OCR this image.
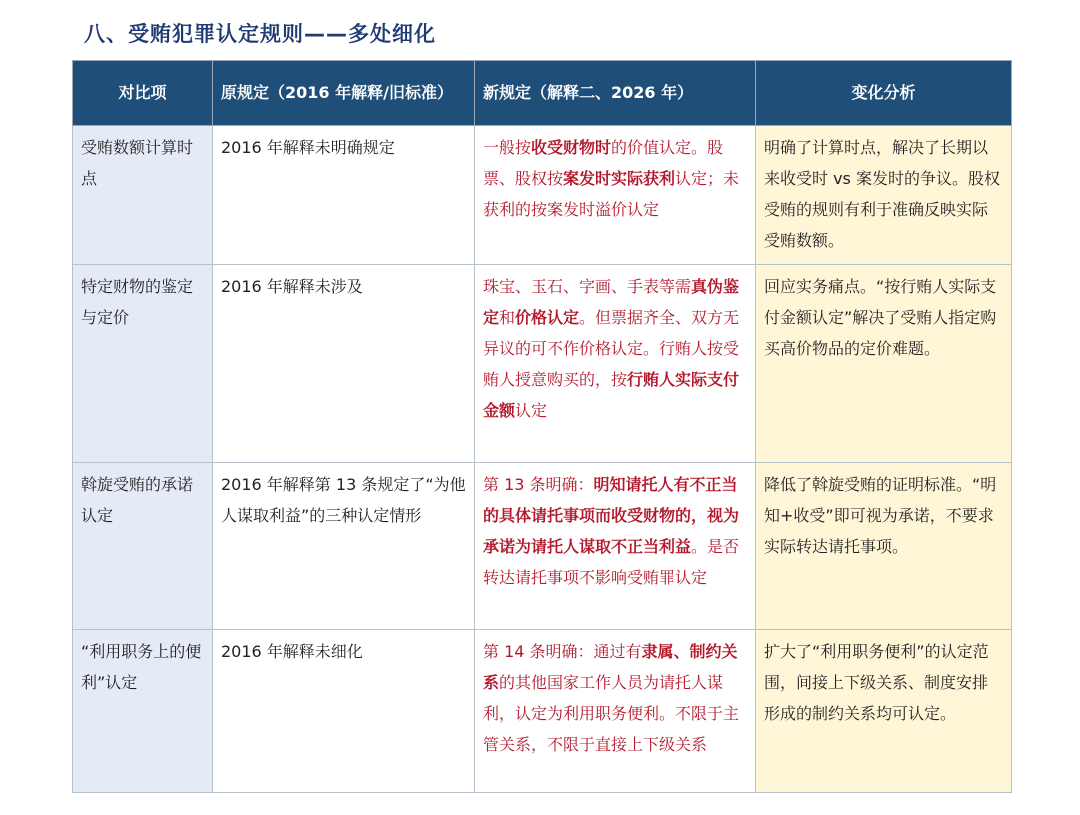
八、受贿犯罪认定规则——多处细化
对比项	原规定（2016 年解释/旧标准）	新规定（解释二、2026 年）	变化分析
受贿数额计算时点	2016 年解释未明确规定	一般按收受财物时的价值认定。股票、股权按案发时实际获利认定；未获利的按案发时溢价认定	明确了计算时点，解决了长期以来收受时 vs 案发时的争议。股权受贿的规则有利于准确反映实际受贿数额。
特定财物的鉴定与定价	2016 年解释未涉及	珠宝、玉石、字画、手表等需真伪鉴定和价格认定。但票据齐全、双方无异议的可不作价格认定。行贿人按受贿人授意购买的，按行贿人实际支付金额认定	回应实务痛点。“按行贿人实际支付金额认定”解决了受贿人指定购买高价物品的定价难题。
斡旋受贿的承诺认定	2016 年解释第 13 条规定了“为他人谋取利益”的三种认定情形	第 13 条明确：明知请托人有不正当的具体请托事项而收受财物的，视为承诺为请托人谋取不正当利益。是否转达请托事项不影响受贿罪认定	降低了斡旋受贿的证明标准。“明知+收受”即可视为承诺，不要求实际转达请托事项。
“利用职务上的便利”认定	2016 年解释未细化	第 14 条明确：通过有隶属、制约关系的其他国家工作人员为请托人谋利，认定为利用职务便利。不限于主管关系，不限于直接上下级关系	扩大了“利用职务便利”的认定范围，间接上下级关系、制度安排形成的制约关系均可认定。
